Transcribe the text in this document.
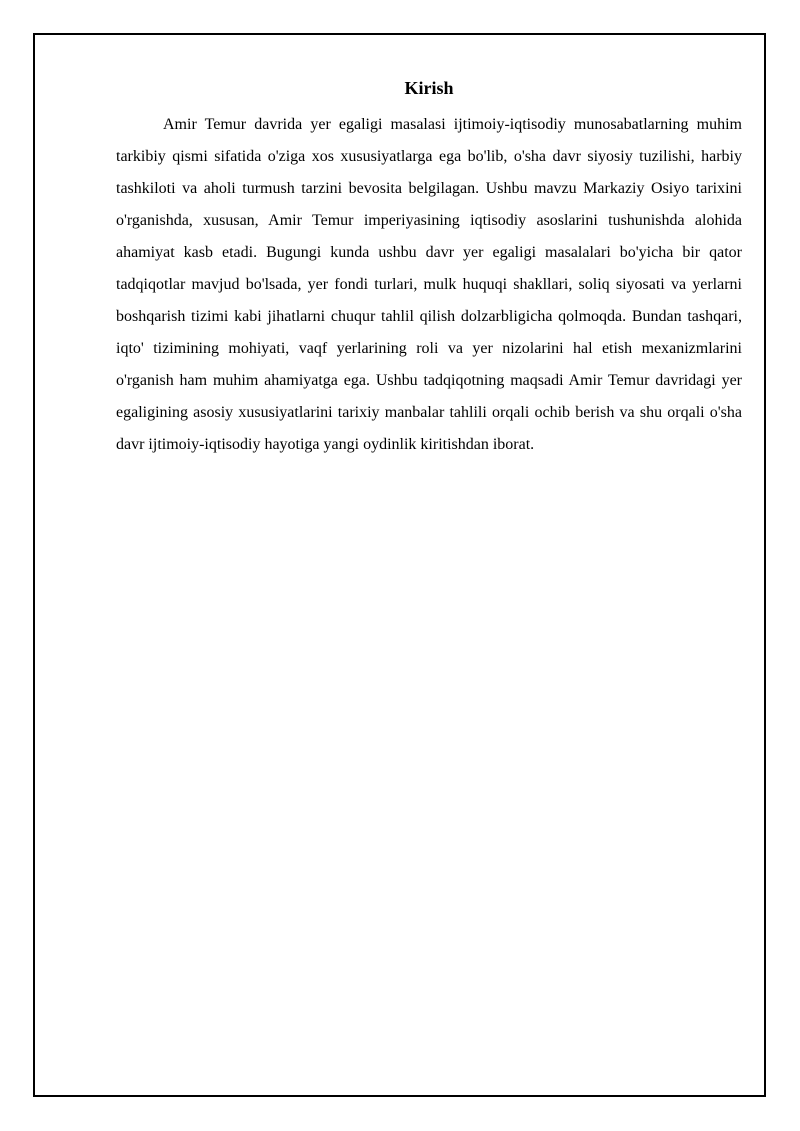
Kirish

Amir Temur davrida yer egaligi masalasi ijtimoiy-iqtisodiy munosabatlarning muhim tarkibiy qismi sifatida o'ziga xos xususiyatlarga ega bo'lib, o'sha davr siyosiy tuzilishi, harbiy tashkiloti va aholi turmush tarzini bevosita belgilagan. Ushbu mavzu Markaziy Osiyo tarixini o'rganishda, xususan, Amir Temur imperiyasining iqtisodiy asoslarini tushunishda alohida ahamiyat kasb etadi. Bugungi kunda ushbu davr yer egaligi masalalari bo'yicha bir qator tadqiqotlar mavjud bo'lsada, yer fondi turlari, mulk huquqi shakllari, soliq siyosati va yerlarni boshqarish tizimi kabi jihatlarni chuqur tahlil qilish dolzarbligicha qolmoqda. Bundan tashqari, iqto' tizimining mohiyati, vaqf yerlarining roli va yer nizolarini hal etish mexanizmlarini o'rganish ham muhim ahamiyatga ega. Ushbu tadqiqotning maqsadi Amir Temur davridagi yer egaligining asosiy xususiyatlarini tarixiy manbalar tahlili orqali ochib berish va shu orqali o'sha davr ijtimoiy-iqtisodiy hayotiga yangi oydinlik kiritishdan iborat.
